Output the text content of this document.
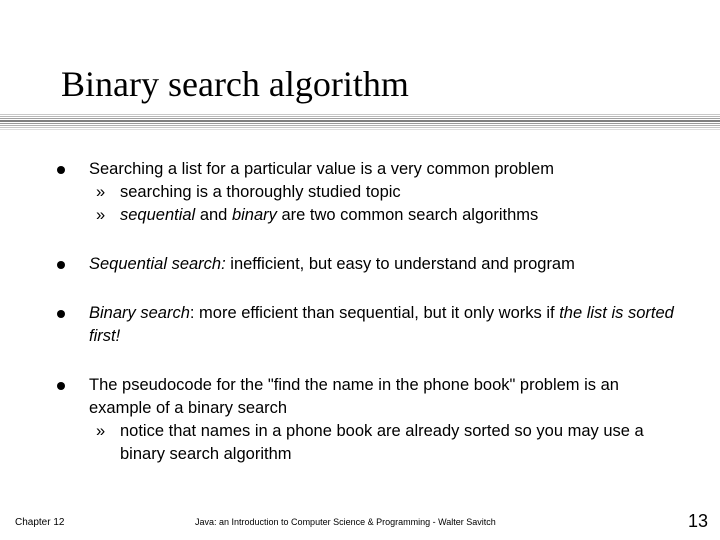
Binary search algorithm
Searching a list for a particular value is a very common problem
» searching is a thoroughly studied topic
» sequential and binary are two common search algorithms
Sequential search: inefficient, but easy to understand and program
Binary search: more efficient than sequential, but it only works if the list is sorted first!
The pseudocode for the "find the name in the phone book" problem is an example of a binary search
» notice that names in a phone book are already sorted so you may use a binary search algorithm
Chapter 12	Java: an Introduction to Computer Science & Programming - Walter Savitch	13
